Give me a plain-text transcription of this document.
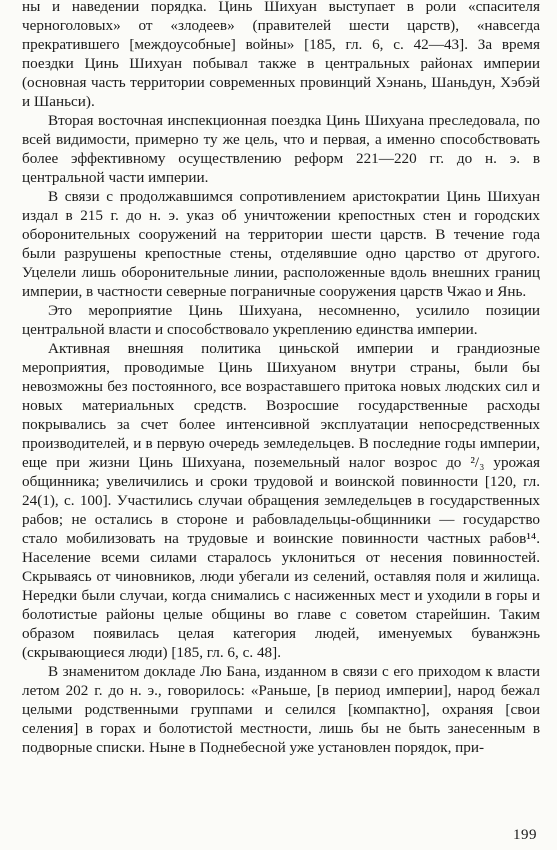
ны и наведении порядка. Цинь Шихуан выступает в роли «спасителя черноголовых» от «злодеев» (правителей шести царств), «навсегда прекратившего [междоусобные] войны» [185, гл. 6, с. 42—43]. За время поездки Цинь Шихуан побывал также в центральных районах империи (основная часть территории современных провинций Хэнань, Шаньдун, Хэбэй и Шаньси).

Вторая восточная инспекционная поездка Цинь Шихуана преследовала, по всей видимости, примерно ту же цель, что и первая, а именно способствовать более эффективному осуществлению реформ 221—220 гг. до н. э. в центральной части империи.

В связи с продолжавшимся сопротивлением аристократии Цинь Шихуан издал в 215 г. до н. э. указ об уничтожении крепостных стен и городских оборонительных сооружений на территории шести царств. В течение года были разрушены крепостные стены, отделявшие одно царство от другого. Уцелели лишь оборонительные линии, расположенные вдоль внешних границ империи, в частности северные пограничные сооружения царств Чжао и Янь.

Это мероприятие Цинь Шихуана, несомненно, усилило позиции центральной власти и способствовало укреплению единства империи.

Активная внешняя политика циньской империи и грандиозные мероприятия, проводимые Цинь Шихуаном внутри страны, были бы невозможны без постоянного, все возраставшего притока новых людских сил и новых материальных средств. Возросшие государственные расходы покрывались за счет более интенсивной эксплуатации непосредственных производителей, и в первую очередь земледельцев. В последние годы империи, еще при жизни Цинь Шихуана, поземельный налог возрос до ²/₃ урожая общинника; увеличились и сроки трудовой и воинской повинности [120, гл. 24(1), с. 100]. Участились случаи обращения земледельцев в государственных рабов; не остались в стороне и рабовладельцы-общинники — государство стало мобилизовать на трудовые и воинские повинности частных рабов¹⁴. Население всеми силами старалось уклониться от несения повинностей. Скрываясь от чиновников, люди убегали из селений, оставляя поля и жилища. Нередки были случаи, когда снимались с насиженных мест и уходили в горы и болотистые районы целые общины во главе с советом старейшин. Таким образом появилась целая категория людей, именуемых буванжэнь (скрывающиеся люди) [185, гл. 6, с. 48].

В знаменитом докладе Лю Бана, изданном в связи с его приходом к власти летом 202 г. до н. э., говорилось: «Раньше, [в период империи], народ бежал целыми родственными группами и селился [компактно], охраняя [свои селения] в горах и болотистой местности, лишь бы не быть занесенным в подворные списки. Ныне в Поднебесной уже установлен порядок, при-

199
